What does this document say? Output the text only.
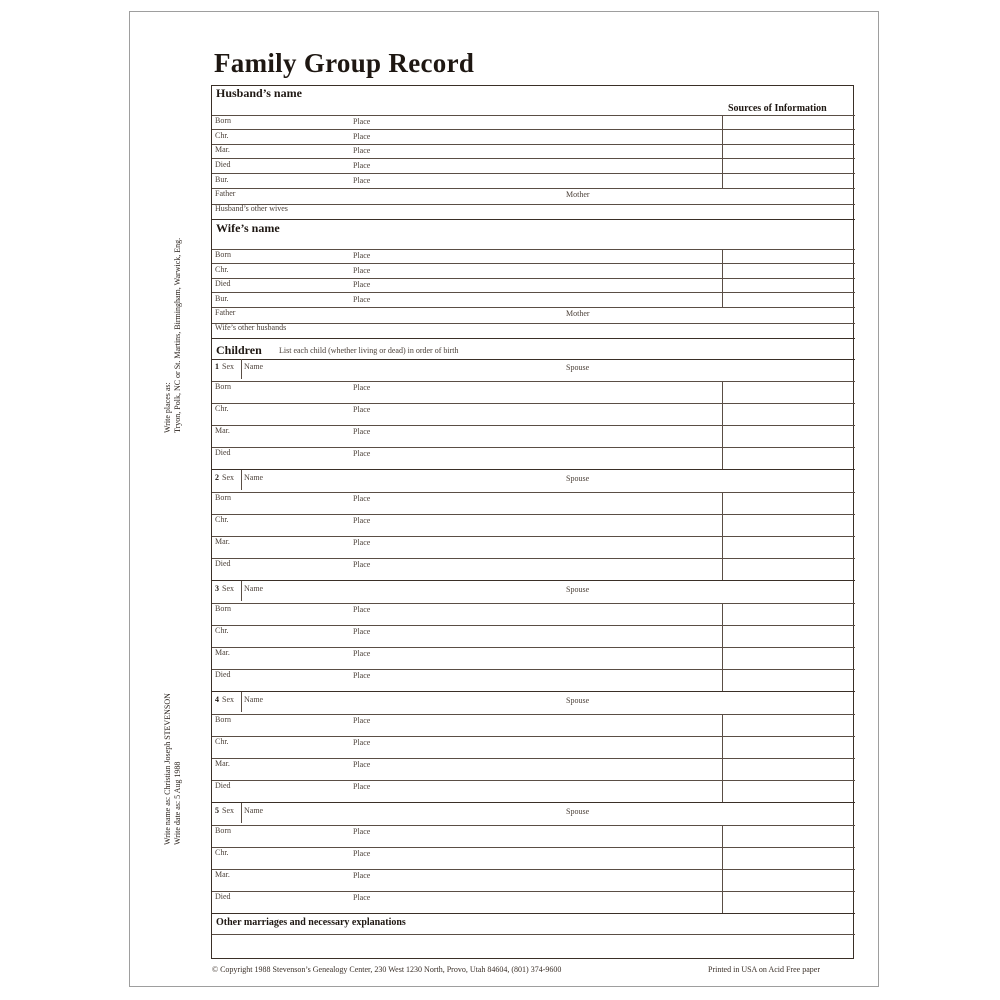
Family Group Record
Write places as: Tryon, Polk, NC or St. Martins, Birmingham, Warwick, Eng.
Write name as: Christian Joseph STEVENSON Write date as: 5 Aug 1988
Husband’s name
Sources of Information
Born	Place
Chr.	Place
Mar.	Place
Died	Place
Bur.	Place
Father	Mother
Husband’s other wives
Wife’s name
Born	Place
Chr.	Place
Died	Place
Bur.	Place
Father	Mother
Wife’s other husbands
Children List each child (whether living or dead) in order of birth
1 Sex Name	Spouse
Born	Place
Chr.	Place
Mar.	Place
Died	Place
2 Sex Name	Spouse
Born	Place
Chr.	Place
Mar.	Place
Died	Place
3 Sex Name	Spouse
Born	Place
Chr.	Place
Mar.	Place
Died	Place
4 Sex Name	Spouse
Born	Place
Chr.	Place
Mar.	Place
Died	Place
5 Sex Name	Spouse
Born	Place
Chr.	Place
Mar.	Place
Died	Place
Other marriages and necessary explanations
© Copyright 1988 Stevenson’s Genealogy Center, 230 West 1230 North, Provo, Utah 84604, (801) 374-9600	Printed in USA on Acid Free paper
